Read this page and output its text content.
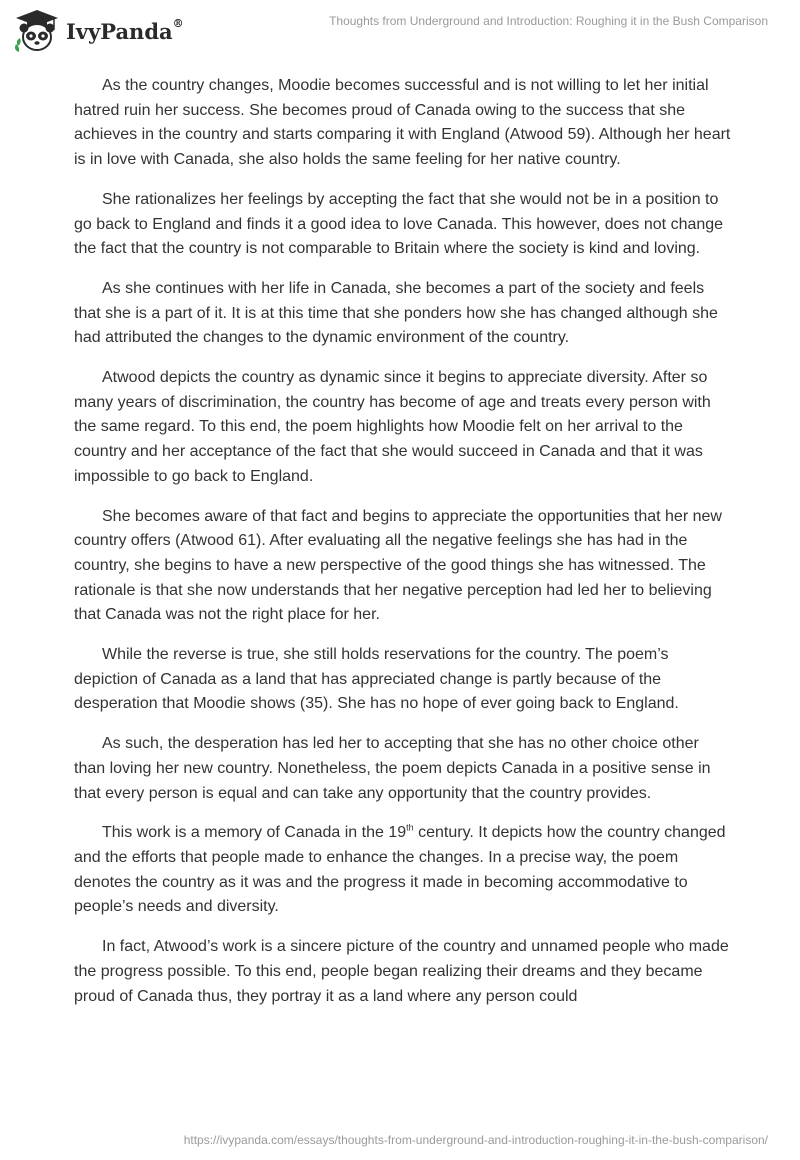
IvyPanda®	Thoughts from Underground and Introduction: Roughing it in the Bush Comparison

As the country changes, Moodie becomes successful and is not willing to let her initial hatred ruin her success. She becomes proud of Canada owing to the success that she achieves in the country and starts comparing it with England (Atwood 59). Although her heart is in love with Canada, she also holds the same feeling for her native country.

She rationalizes her feelings by accepting the fact that she would not be in a position to go back to England and finds it a good idea to love Canada. This however, does not change the fact that the country is not comparable to Britain where the society is kind and loving.

As she continues with her life in Canada, she becomes a part of the society and feels that she is a part of it. It is at this time that she ponders how she has changed although she had attributed the changes to the dynamic environment of the country.

Atwood depicts the country as dynamic since it begins to appreciate diversity. After so many years of discrimination, the country has become of age and treats every person with the same regard. To this end, the poem highlights how Moodie felt on her arrival to the country and her acceptance of the fact that she would succeed in Canada and that it was impossible to go back to England.

She becomes aware of that fact and begins to appreciate the opportunities that her new country offers (Atwood 61). After evaluating all the negative feelings she has had in the country, she begins to have a new perspective of the good things she has witnessed. The rationale is that she now understands that her negative perception had led her to believing that Canada was not the right place for her.

While the reverse is true, she still holds reservations for the country. The poem’s depiction of Canada as a land that has appreciated change is partly because of the desperation that Moodie shows (35). She has no hope of ever going back to England.

As such, the desperation has led her to accepting that she has no other choice other than loving her new country. Nonetheless, the poem depicts Canada in a positive sense in that every person is equal and can take any opportunity that the country provides.

This work is a memory of Canada in the 19th century. It depicts how the country changed and the efforts that people made to enhance the changes. In a precise way, the poem denotes the country as it was and the progress it made in becoming accommodative to people’s needs and diversity.

In fact, Atwood’s work is a sincere picture of the country and unnamed people who made the progress possible. To this end, people began realizing their dreams and they became proud of Canada thus, they portray it as a land where any person could

https://ivypanda.com/essays/thoughts-from-underground-and-introduction-roughing-it-in-the-bush-comparison/
